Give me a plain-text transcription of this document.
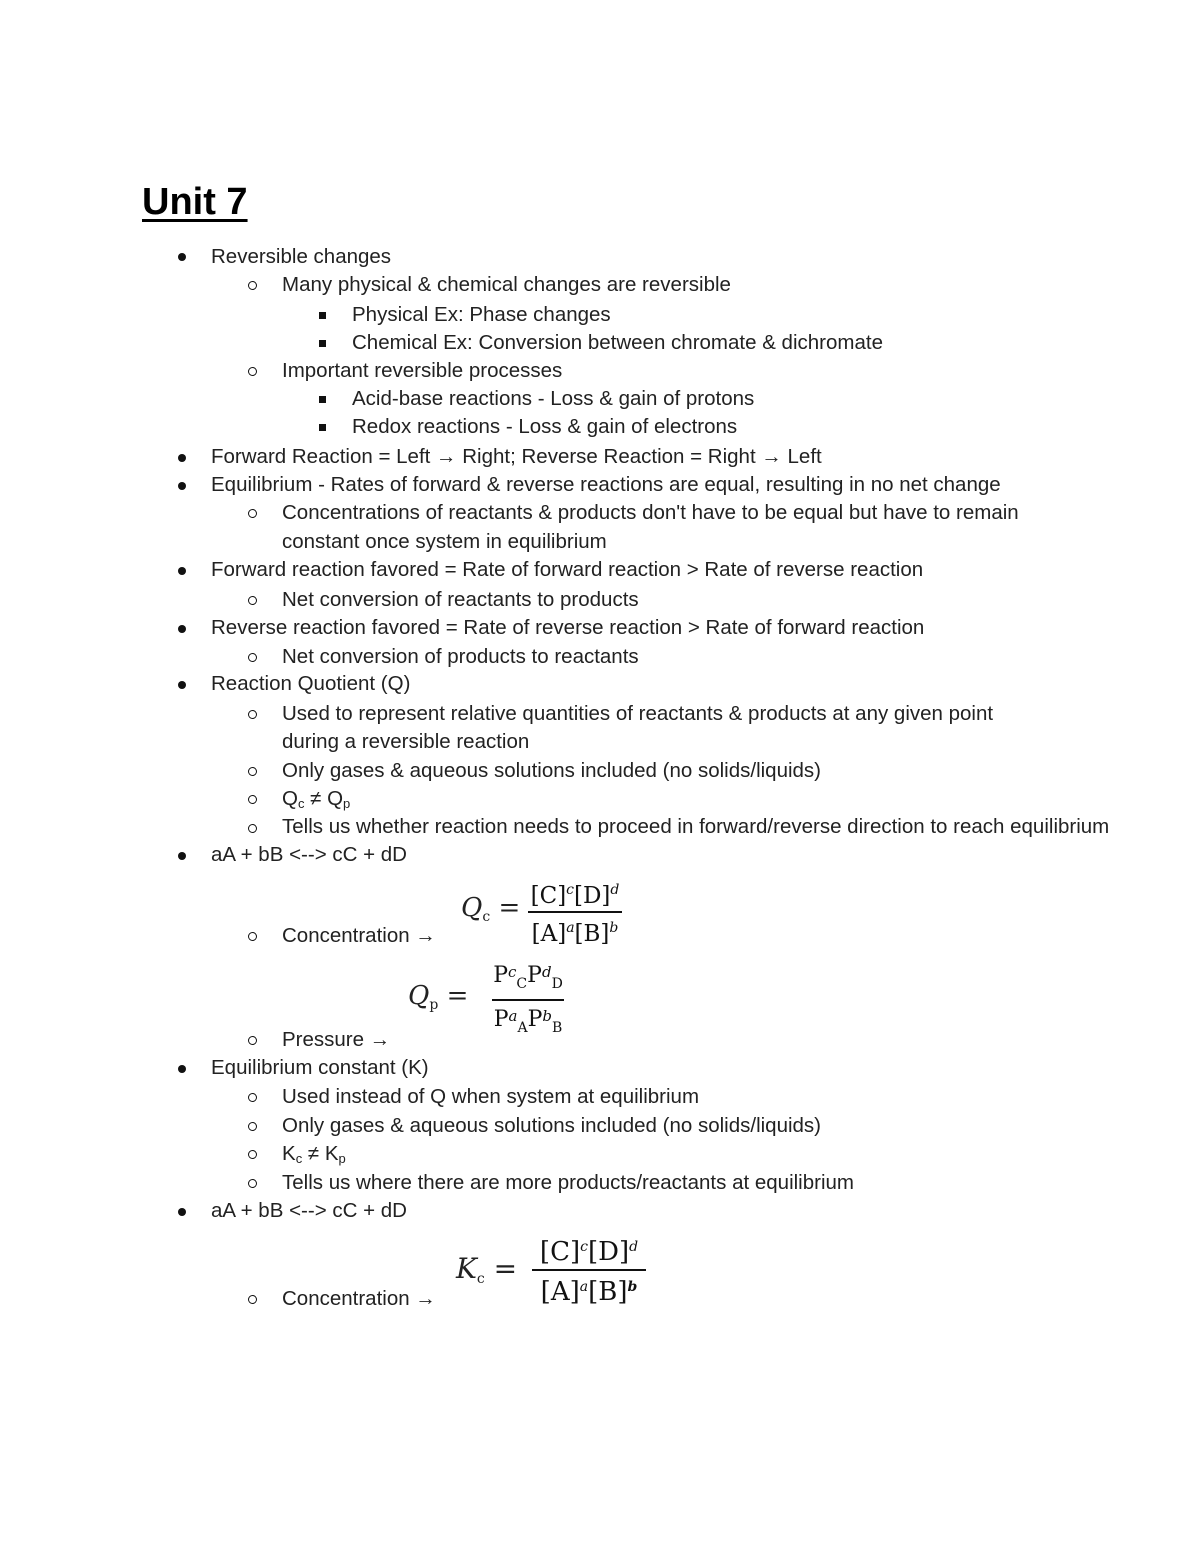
Unit 7
Reversible changes
Many physical & chemical changes are reversible
Physical Ex: Phase changes
Chemical Ex: Conversion between chromate & dichromate
Important reversible processes
Acid-base reactions - Loss & gain of protons
Redox reactions - Loss & gain of electrons
Forward Reaction = Left → Right; Reverse Reaction = Right → Left
Equilibrium - Rates of forward & reverse reactions are equal, resulting in no net change
Concentrations of reactants & products don't have to be equal but have to remain
constant once system in equilibrium
Forward reaction favored = Rate of forward reaction > Rate of reverse reaction
Net conversion of reactants to products
Reverse reaction favored = Rate of reverse reaction > Rate of forward reaction
Net conversion of products to reactants
Reaction Quotient (Q)
Used to represent relative quantities of reactants & products at any given point
during a reversible reaction
Only gases & aqueous solutions included (no solids/liquids)
$Q_c \ne Q_p$
Tells us whether reaction needs to proceed in forward/reverse direction to reach equilibrium
aA + bB <--> cC + dD
$Qc = [C]^c[D]^d$
$[A]^a[B]^b$
Concentration →
Qp =
$P_{cC}P_{dD}$
$P_{aA}P_{bB}$
Pressure →
Equilibrium constant (K)
Used instead of Q when system at equilibrium
Only gases & aqueous solutions included (no solids/liquids)
$K_c \ne K_p$
Tells us where there are more products/reactants at equilibrium
aA + bB <--> cC + dD
$Kc = [C]^c[D]^d$
$[A]^a[B]^b$
Concentration →
